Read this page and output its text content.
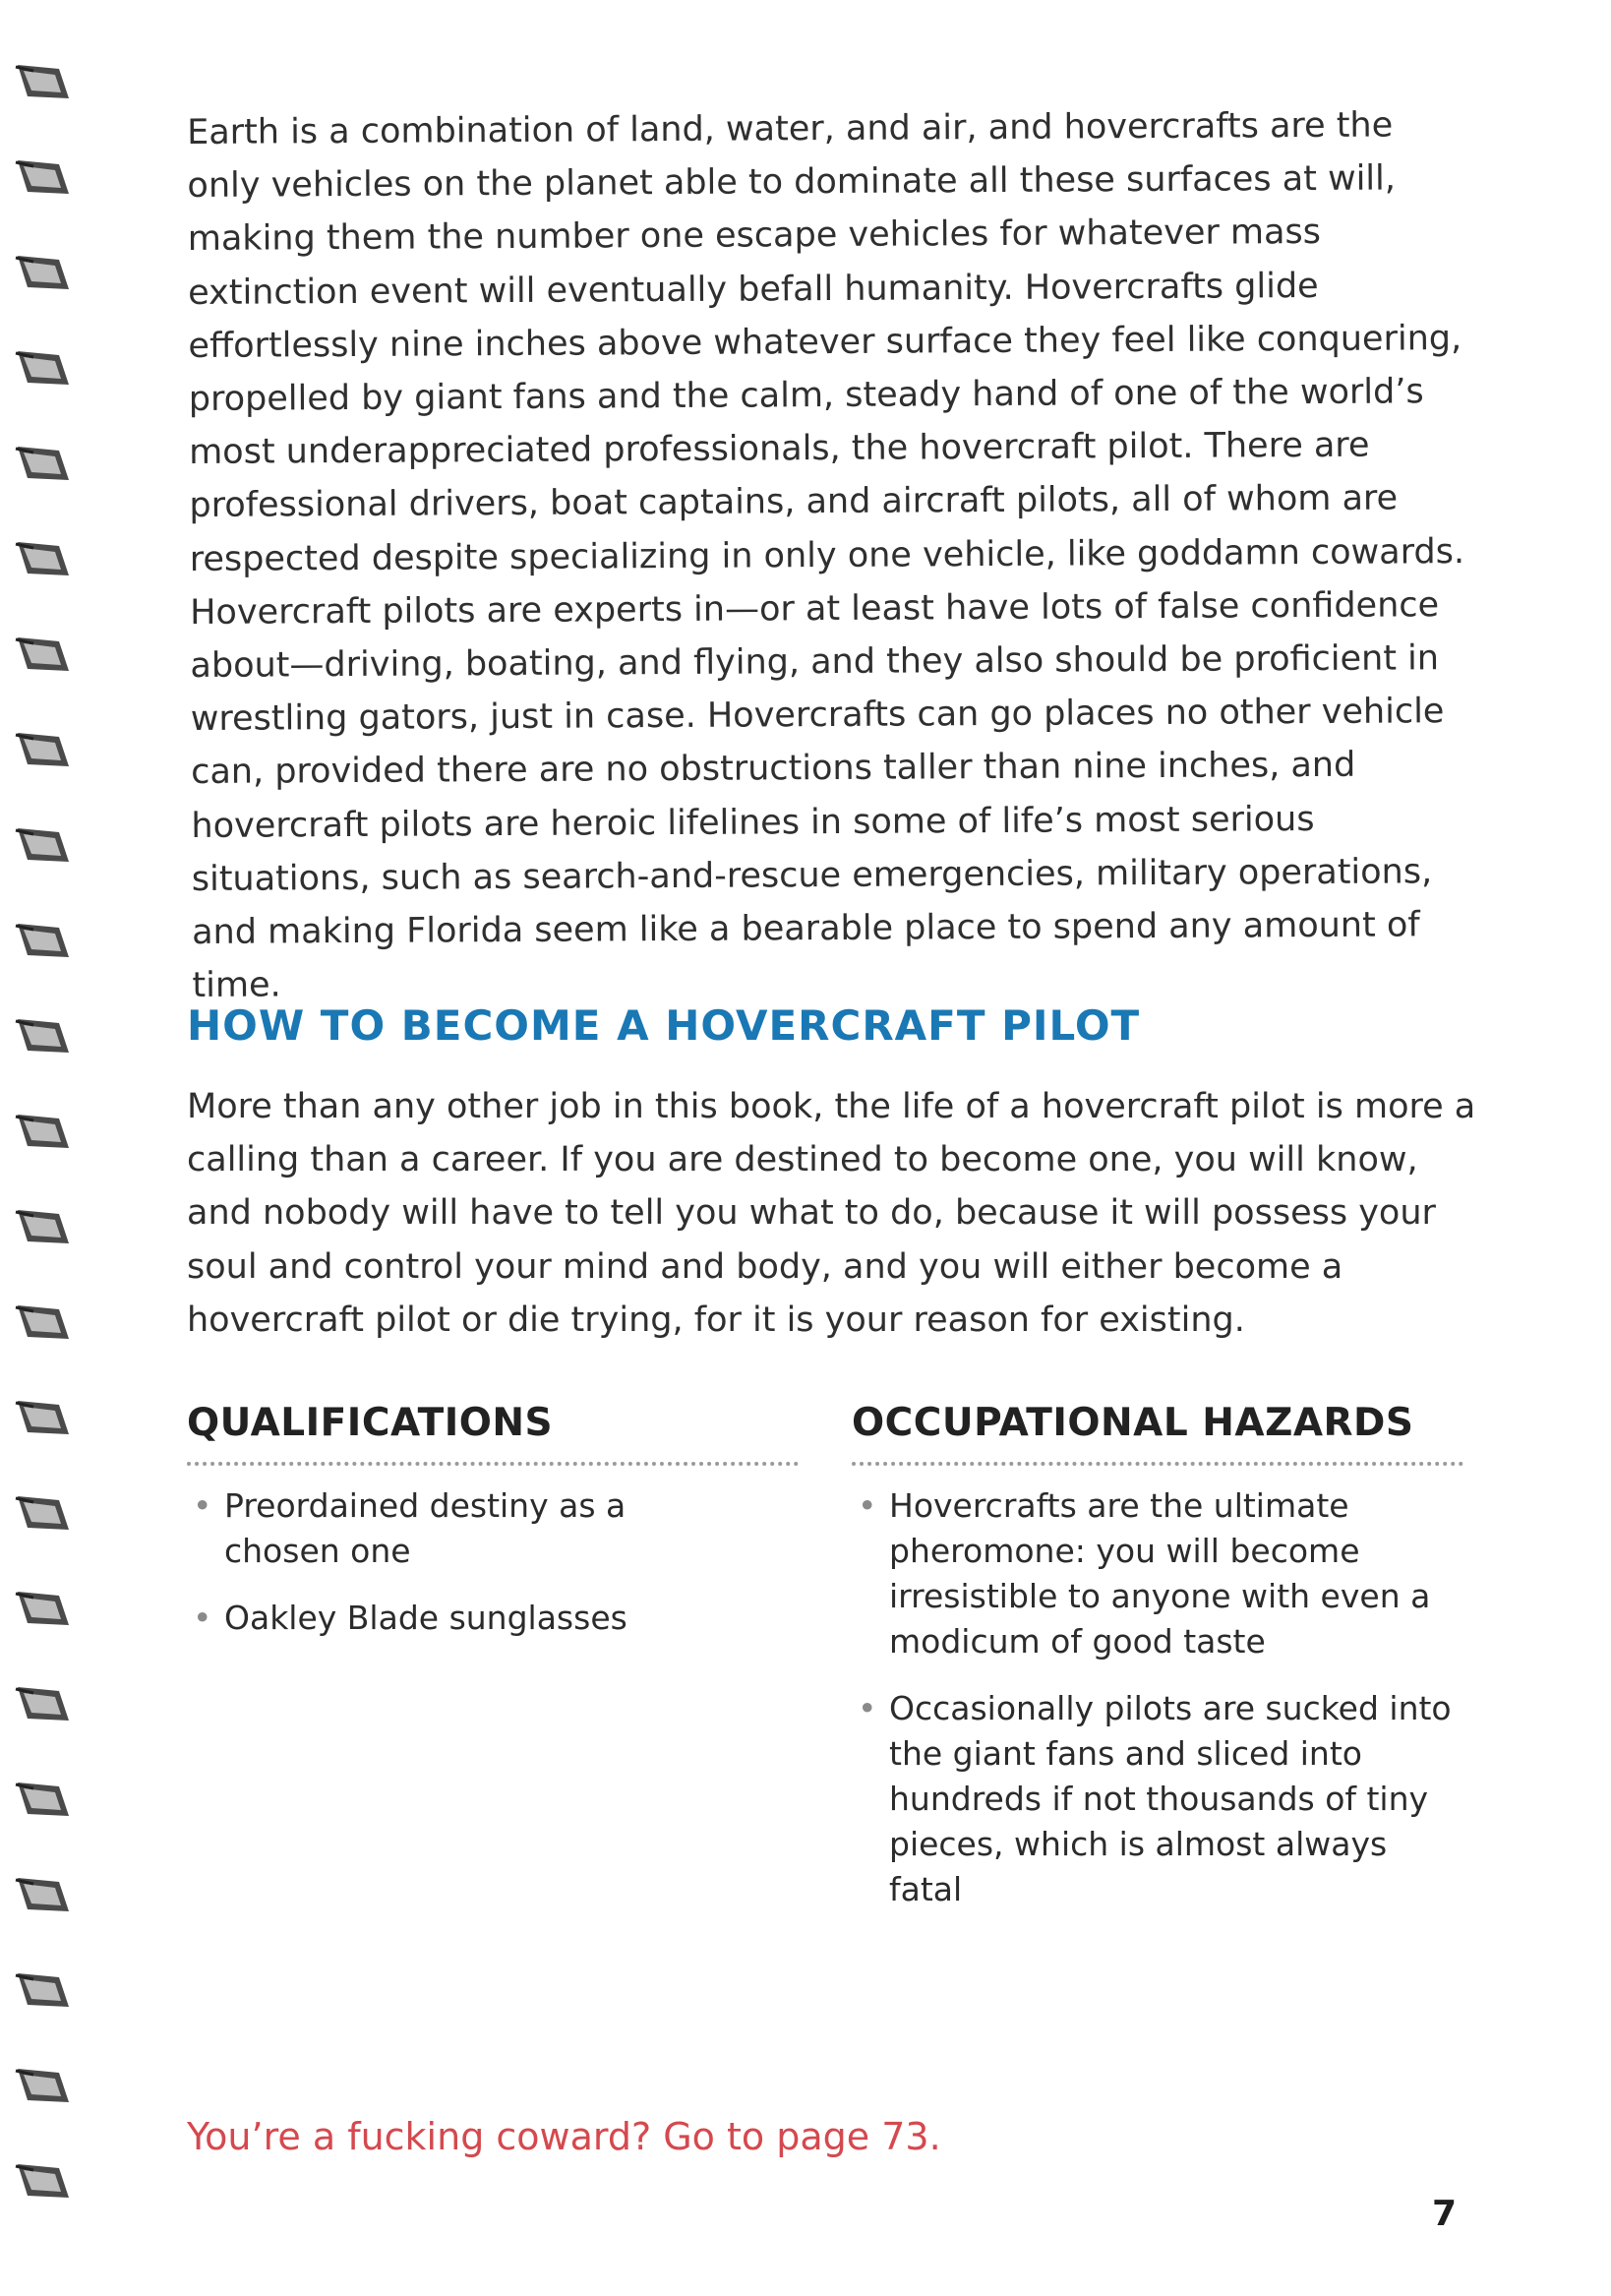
Earth is a combination of land, water, and air, and hovercrafts are the only vehicles on the planet able to dominate all these surfaces at will, making them the number one escape vehicles for whatever mass extinction event will eventually befall humanity. Hovercrafts glide effortlessly nine inches above whatever surface they feel like conquering, propelled by giant fans and the calm, steady hand of one of the world’s most underappreciated professionals, the hovercraft pilot. There are professional drivers, boat captains, and aircraft pilots, all of whom are respected despite specializing in only one vehicle, like goddamn cowards. Hovercraft pilots are experts in—or at least have lots of false confidence about—driving, boating, and flying, and they also should be proficient in wrestling gators, just in case. Hovercrafts can go places no other vehicle can, provided there are no obstructions taller than nine inches, and hovercraft pilots are heroic lifelines in some of life’s most serious situations, such as search-and-rescue emergencies, military operations, and making Florida seem like a bearable place to spend any amount of time.

HOW TO BECOME A HOVERCRAFT PILOT

More than any other job in this book, the life of a hovercraft pilot is more a calling than a career. If you are destined to become one, you will know, and nobody will have to tell you what to do, because it will possess your soul and control your mind and body, and you will either become a hovercraft pilot or die trying, for it is your reason for existing.

QUALIFICATIONS
• Preordained destiny as a chosen one
• Oakley Blade sunglasses
OCCUPATIONAL HAZARDS
• Hovercrafts are the ultimate pheromone: you will become irresistible to anyone with even a modicum of good taste
• Occasionally pilots are sucked into the giant fans and sliced into hundreds if not thousands of tiny pieces, which is almost always fatal

You’re a fucking coward? Go to page 73.

7
